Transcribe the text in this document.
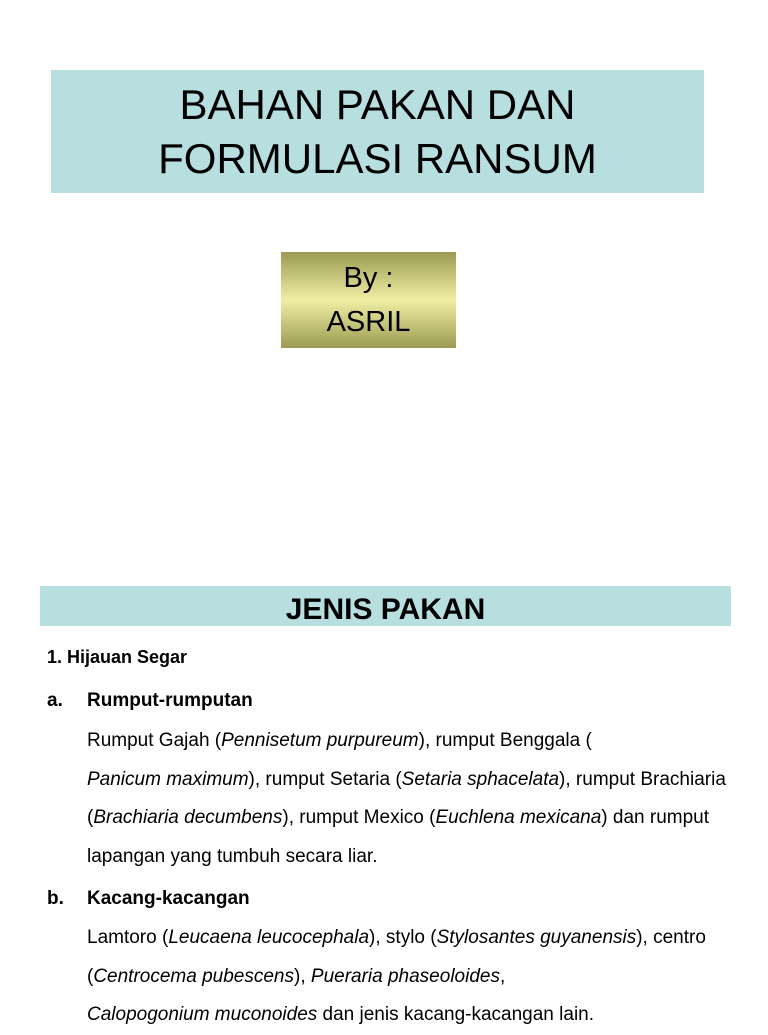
BAHAN PAKAN DAN
FORMULASI RANSUM
By :
ASRIL
JENIS PAKAN
1. Hijauan Segar
a. Rumput-rumputan
Rumput Gajah (Pennisetum purpureum), rumput Benggala (
Panicum maximum), rumput Setaria (Setaria sphacelata), rumput Brachiaria (Brachiaria decumbens), rumput Mexico (Euchlena mexicana) dan rumput lapangan yang tumbuh secara liar.
b. Kacang-kacangan
Lamtoro (Leucaena leucocephala), stylo (Stylosantes guyanensis), centro (Centrocema pubescens), Pueraria phaseoloides,
Calopogonium muconoides dan jenis kacang-kacangan lain.
